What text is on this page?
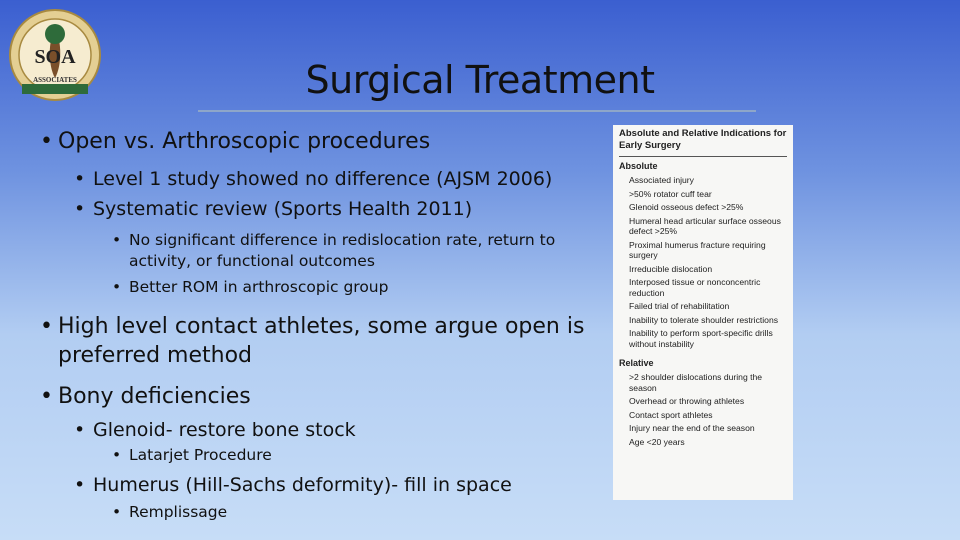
SOA
ASSOCIATES	Surgical Treatment
• Open vs. Arthroscopic procedures
• Level 1 study showed no difference (AJSM 2006)
• Systematic review (Sports Health 2011)
• No significant difference in redislocation rate, return to activity, or functional outcomes
• Better ROM in arthroscopic group
• High level contact athletes, some argue open is preferred method
• Bony deficiencies
• Glenoid- restore bone stock
• Latarjet Procedure
• Humerus (Hill-Sachs deformity)- fill in space
• Remplissage
Absolute and Relative Indications for Early Surgery
Absolute
Associated injury
>50% rotator cuff tear
Glenoid osseous defect >25%
Humeral head articular surface osseous defect >25%
Proximal humerus fracture requiring surgery
Irreducible dislocation
Interposed tissue or nonconcentric reduction
Failed trial of rehabilitation
Inability to tolerate shoulder restrictions
Inability to perform sport-specific drills without instability
Relative
>2 shoulder dislocations during the season
Overhead or throwing athletes
Contact sport athletes
Injury near the end of the season
Age <20 years
